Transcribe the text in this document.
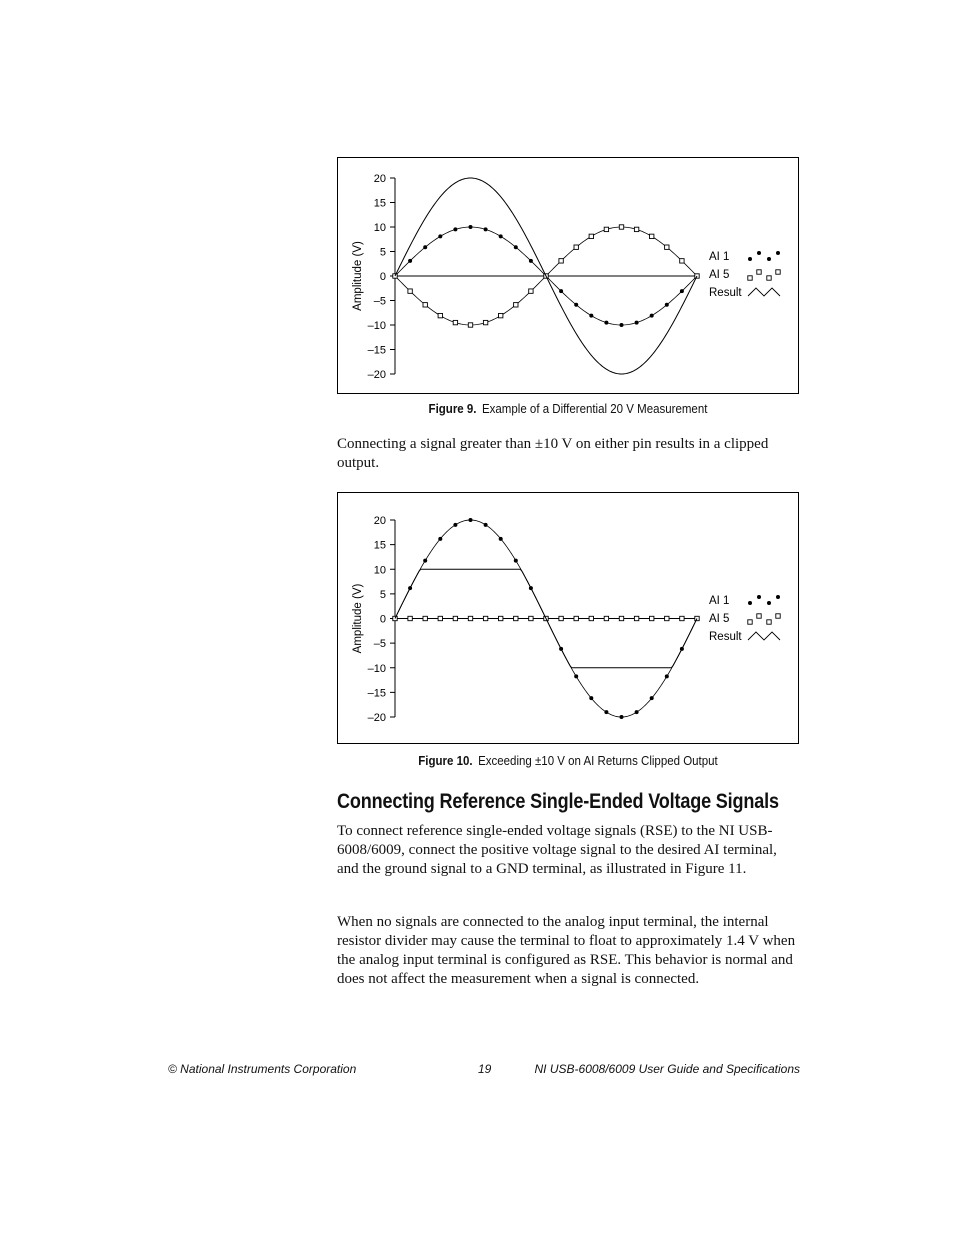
20
15
10
5
0
–5
–10
–15
–20
Amplitude (V)	AI 1
AI 5
Result
Figure 9. Example of a Differential 20 V Measurement

Connecting a signal greater than ±10 V on either pin results in a clipped output.

20
15
10
5
0
–5
–10
–15
–20
Amplitude (V)	AI 1
AI 5
Result
Figure 10. Exceeding ±10 V on AI Returns Clipped Output
Connecting Reference Single-Ended Voltage Signals

To connect reference single-ended voltage signals (RSE) to the NI USB-6008/6009, connect the positive voltage signal to the desired AI terminal, and the ground signal to a GND terminal, as illustrated in Figure 11.

When no signals are connected to the analog input terminal, the internal resistor divider may cause the terminal to float to approximately 1.4 V when the analog input terminal is configured as RSE. This behavior is normal and does not affect the measurement when a signal is connected.

© National Instruments Corporation	19	NI USB-6008/6009 User Guide and Specifications
